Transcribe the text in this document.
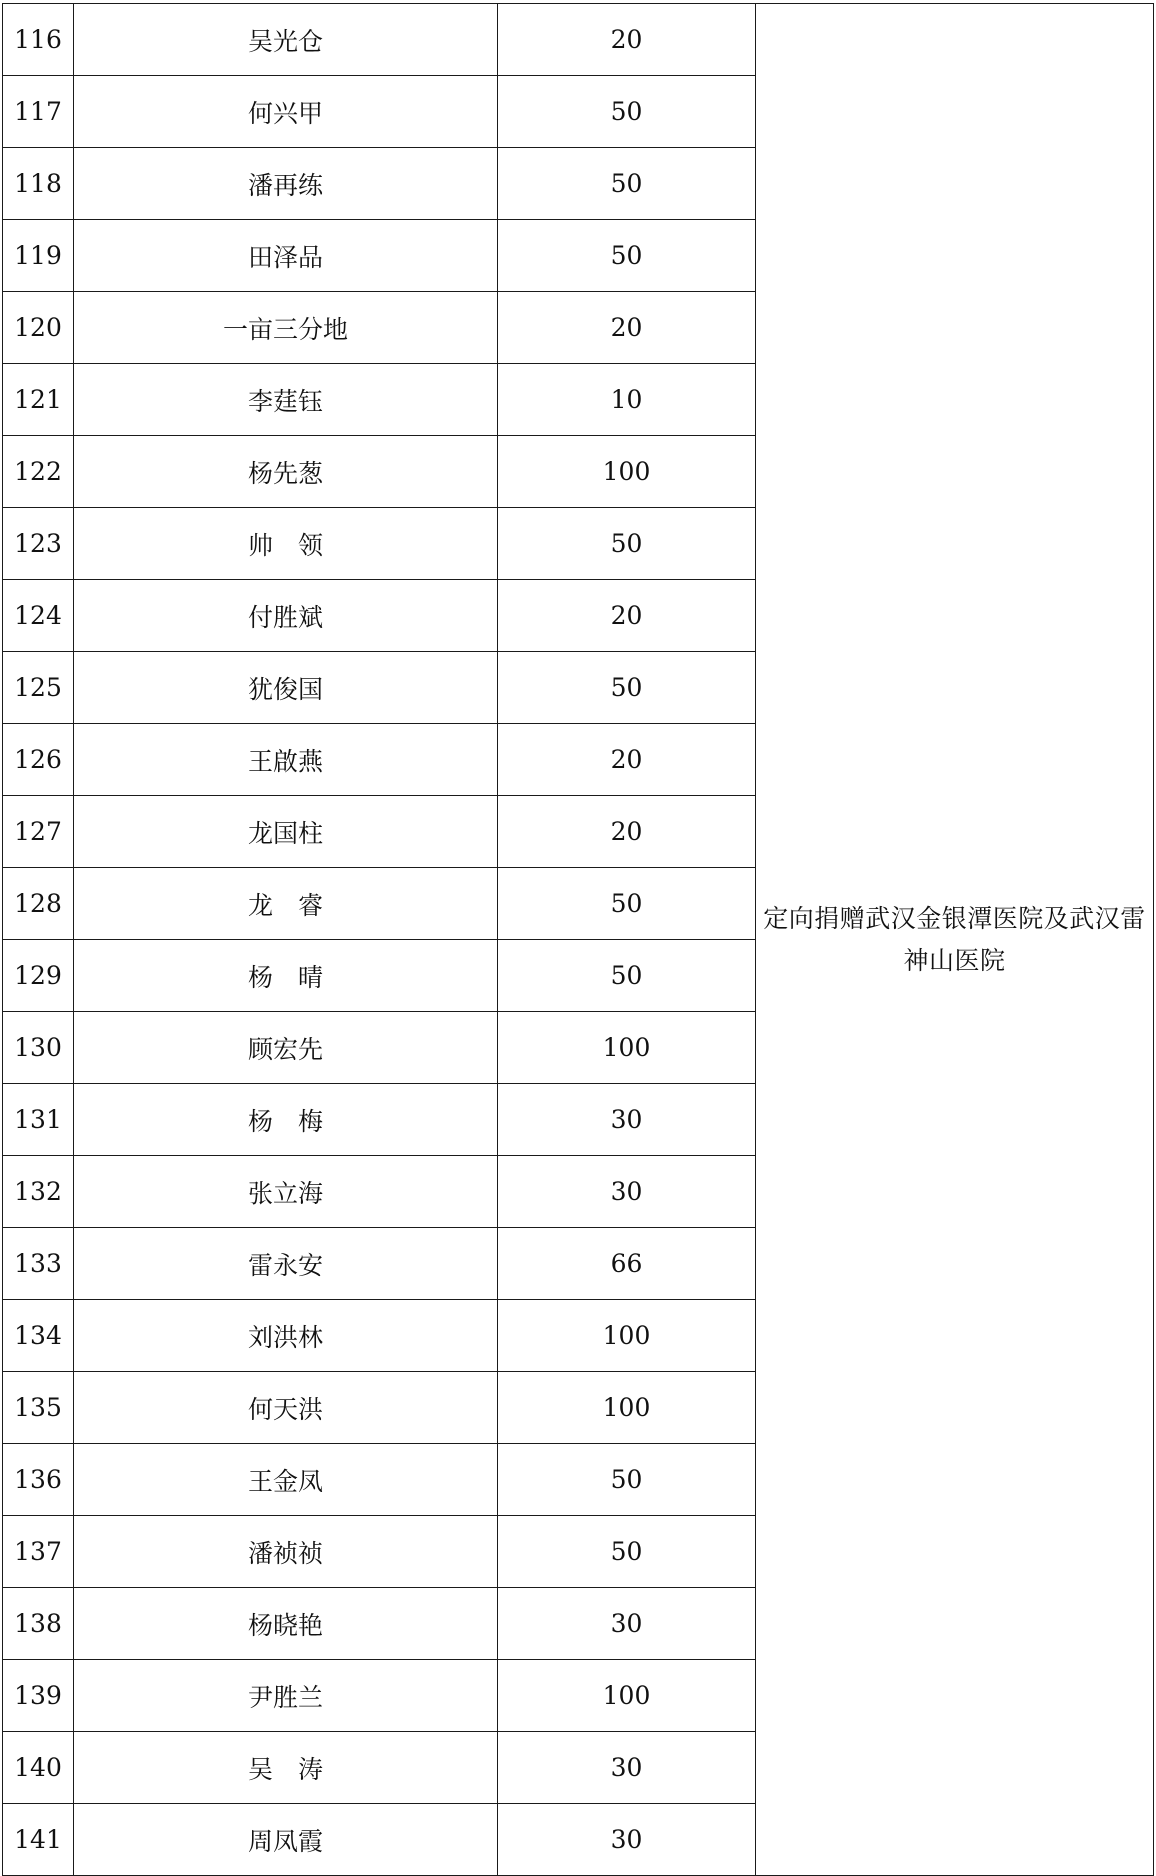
116	吴光仓	20	定向捐赠武汉金银潭医院及武汉雷神山医院
117	何兴甲	50	
118	潘再练	50	
119	田泽品	50	
120	一亩三分地	20	
121	李莛钰	10	
122	杨先葱	100	
123	帅　领	50	
124	付胜斌	20	
125	犹俊国	50	
126	王啟燕	20	
127	龙国柱	20	
128	龙　睿	50	
129	杨　晴	50	
130	顾宏先	100	
131	杨　梅	30	
132	张立海	30	
133	雷永安	66	
134	刘洪林	100	
135	何天洪	100	
136	王金凤	50	
137	潘祯祯	50	
138	杨晓艳	30	
139	尹胜兰	100	
140	吴　涛	30	
141	周凤霞	30	
